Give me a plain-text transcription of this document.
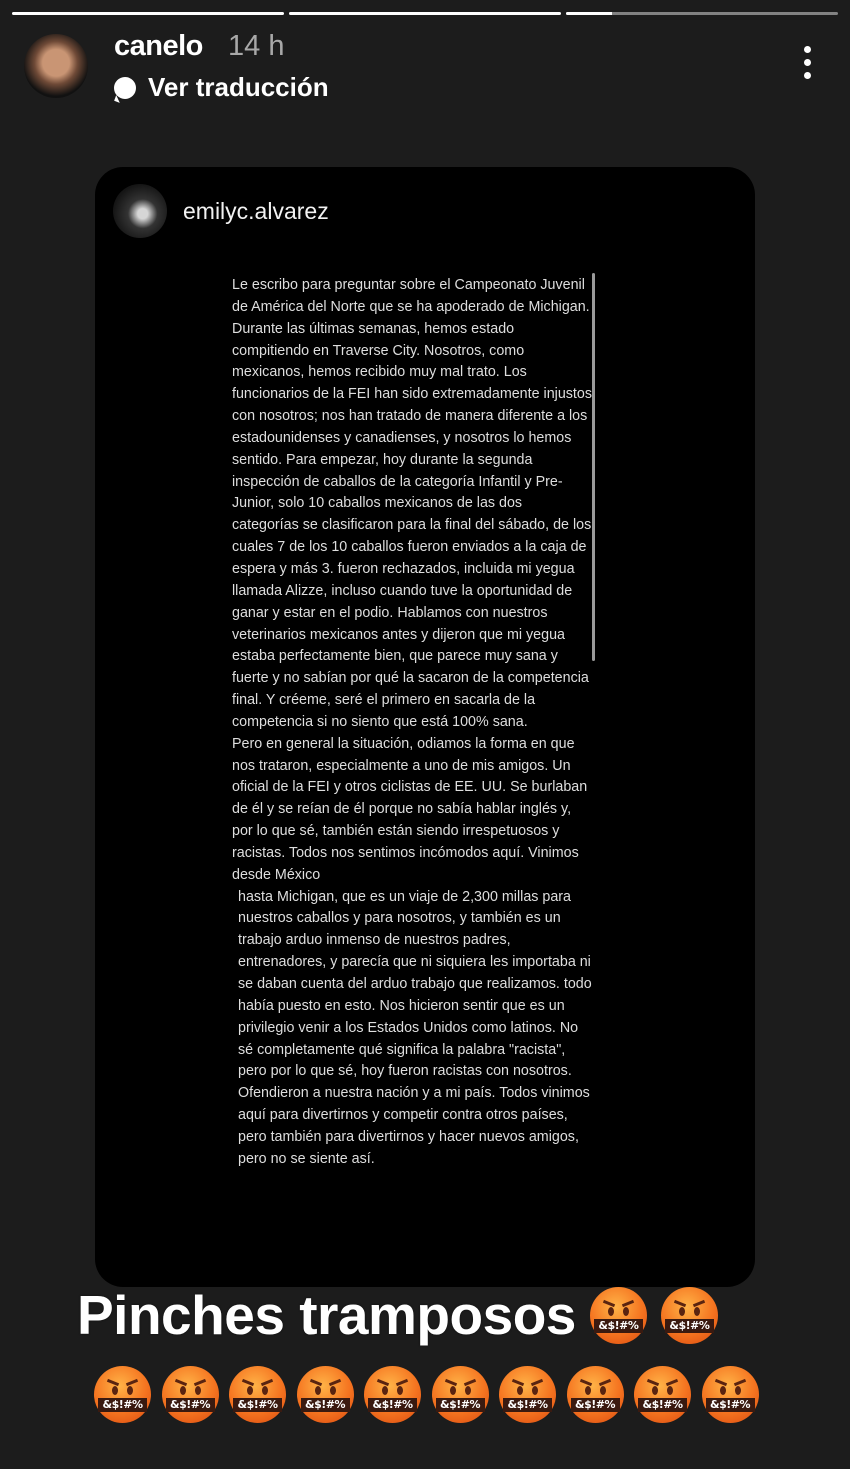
canelo 14 h
Ver traducción
emilyc.alvarez

Le escribo para preguntar sobre el Campeonato Juvenil de América del Norte que se ha apoderado de Michigan. Durante las últimas semanas, hemos estado compitiendo en Traverse City. Nosotros, como mexicanos, hemos recibido muy mal trato. Los funcionarios de la FEI han sido extremadamente injustos con nosotros; nos han tratado de manera diferente a los estadounidenses y canadienses, y nosotros lo hemos sentido. Para empezar, hoy durante la segunda inspección de caballos de la categoría Infantil y Pre-Junior, solo 10 caballos mexicanos de las dos categorías se clasificaron para la final del sábado, de los cuales 7 de los 10 caballos fueron enviados a la caja de espera y más 3. fueron rechazados, incluida mi yegua llamada Alizze, incluso cuando tuve la oportunidad de ganar y estar en el podio. Hablamos con nuestros veterinarios mexicanos antes y dijeron que mi yegua estaba perfectamente bien, que parece muy sana y fuerte y no sabían por qué la sacaron de la competencia final. Y créeme, seré el primero en sacarla de la competencia si no siento que está 100% sana.

Pero en general la situación, odiamos la forma en que nos trataron, especialmente a uno de mis amigos. Un oficial de la FEI y otros ciclistas de EE. UU. Se burlaban de él y se reían de él porque no sabía hablar inglés y, por lo que sé, también están siendo irrespetuosos y racistas. Todos nos sentimos incómodos aquí. Vinimos desde México

hasta Michigan, que es un viaje de 2,300 millas para nuestros caballos y para nosotros, y también es un trabajo arduo inmenso de nuestros padres, entrenadores, y parecía que ni siquiera les importaba ni se daban cuenta del arduo trabajo que realizamos. todo había puesto en esto. Nos hicieron sentir que es un privilegio venir a los Estados Unidos como latinos. No sé completamente qué significa la palabra "racista", pero por lo que sé, hoy fueron racistas con nosotros. Ofendieron a nuestra nación y a mi país. Todos vinimos aquí para divertirnos y competir contra otros países, pero también para divertirnos y hacer nuevos amigos, pero no se siente así.

Pinches tramposos	&$!#%	&$!#%
&$!#%	&$!#%	&$!#%	&$!#%	&$!#%	&$!#%	&$!#%	&$!#%	&$!#%	&$!#%
